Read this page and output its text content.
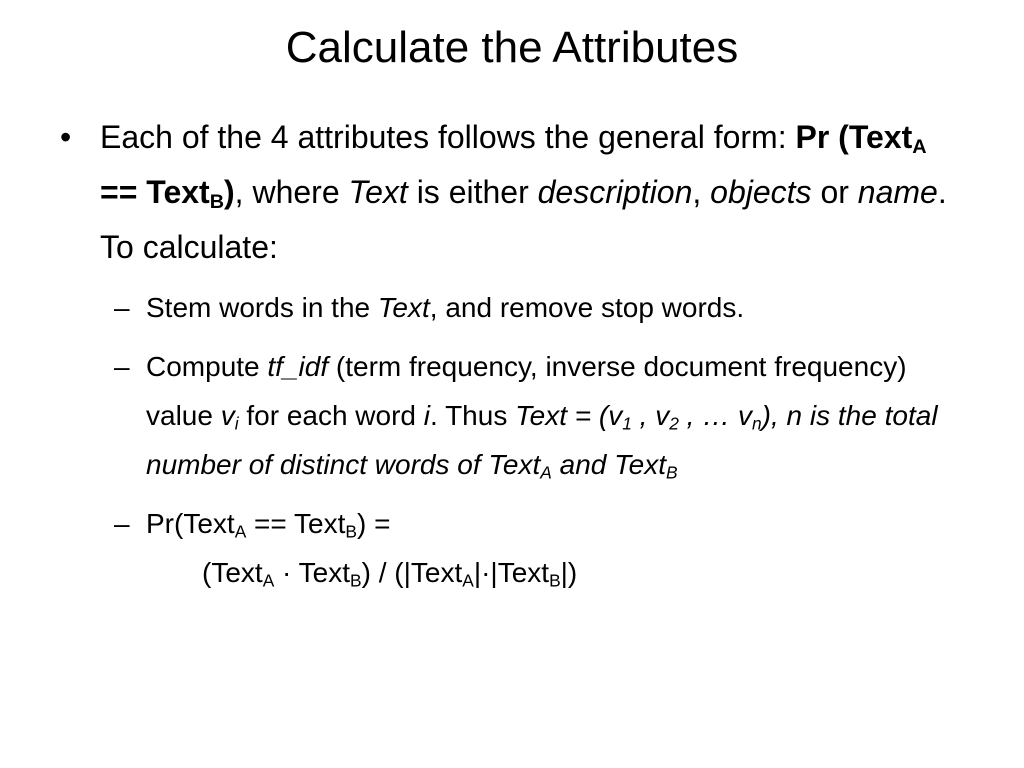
Calculate the Attributes
• Each of the 4 attributes follows the general form: Pr (Text$_A$ == Text$_B$), where Text is either description, objects or name. To calculate:
– Stem words in the Text, and remove stop words.
– Compute tf_idf (term frequency, inverse document frequency) value $v_i$ for each word i. Thus Text = ($v_1$ , $v_2$ , … $v_n$), n is the total number of distinct words of Text$_A$ and Text$_B$
– Pr(Text$_A$ == Text$_B$) =
(Text$_A$ · Text$_B$) / (|Text$_A$|·|Text$_B$|)
